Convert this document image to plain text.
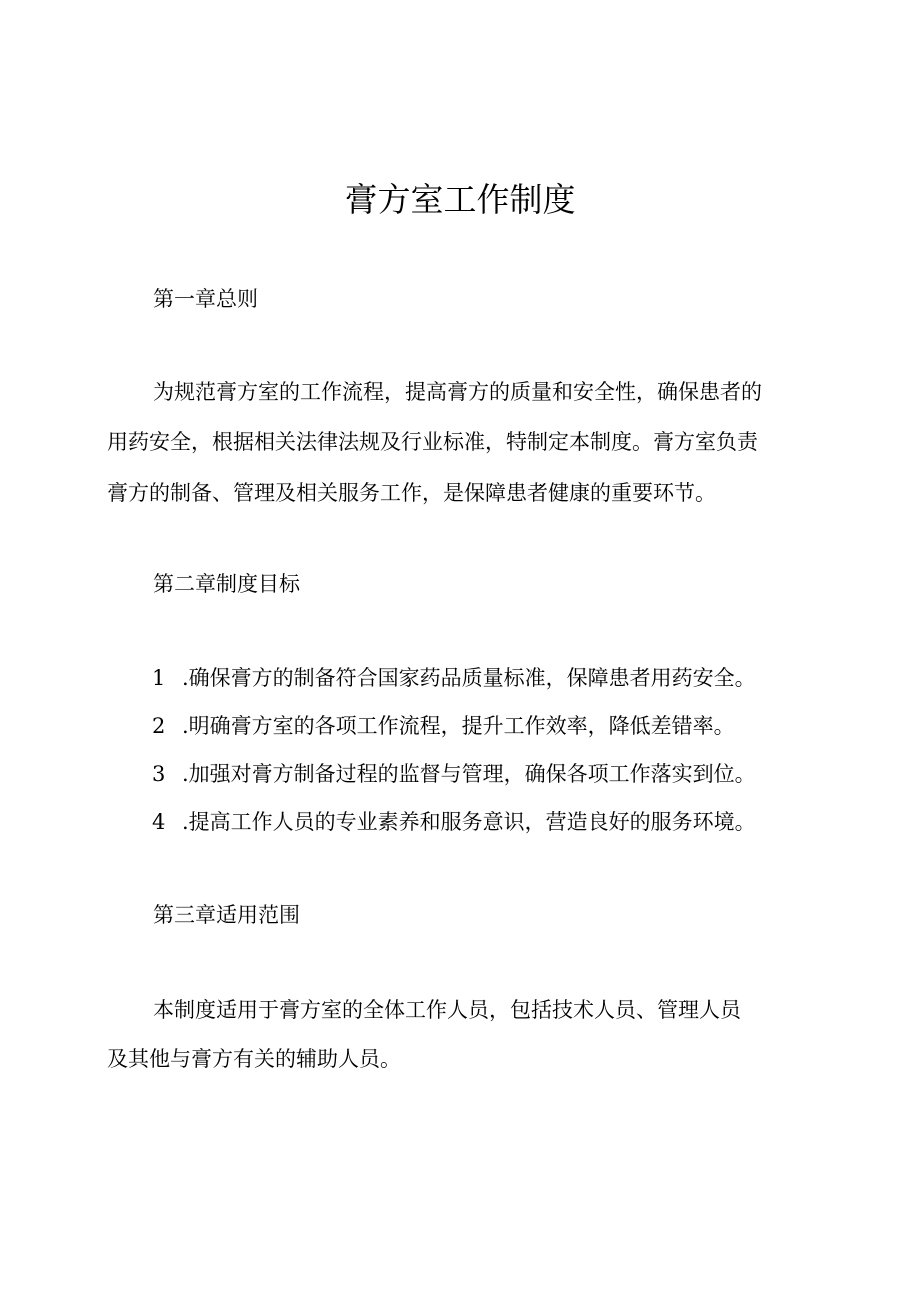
膏方室工作制度
第一章总则
为规范膏方室的工作流程，提高膏方的质量和安全性，确保患者的
用药安全，根据相关法律法规及行业标准，特制定本制度。膏方室负责
膏方的制备、管理及相关服务工作，是保障患者健康的重要环节。
第二章制度目标
1 .确保膏方的制备符合国家药品质量标准，保障患者用药安全。
2 .明确膏方室的各项工作流程，提升工作效率，降低差错率。
3 .加强对膏方制备过程的监督与管理，确保各项工作落实到位。
4 .提高工作人员的专业素养和服务意识，营造良好的服务环境。
第三章适用范围
本制度适用于膏方室的全体工作人员，包括技术人员、管理人员
及其他与膏方有关的辅助人员。
